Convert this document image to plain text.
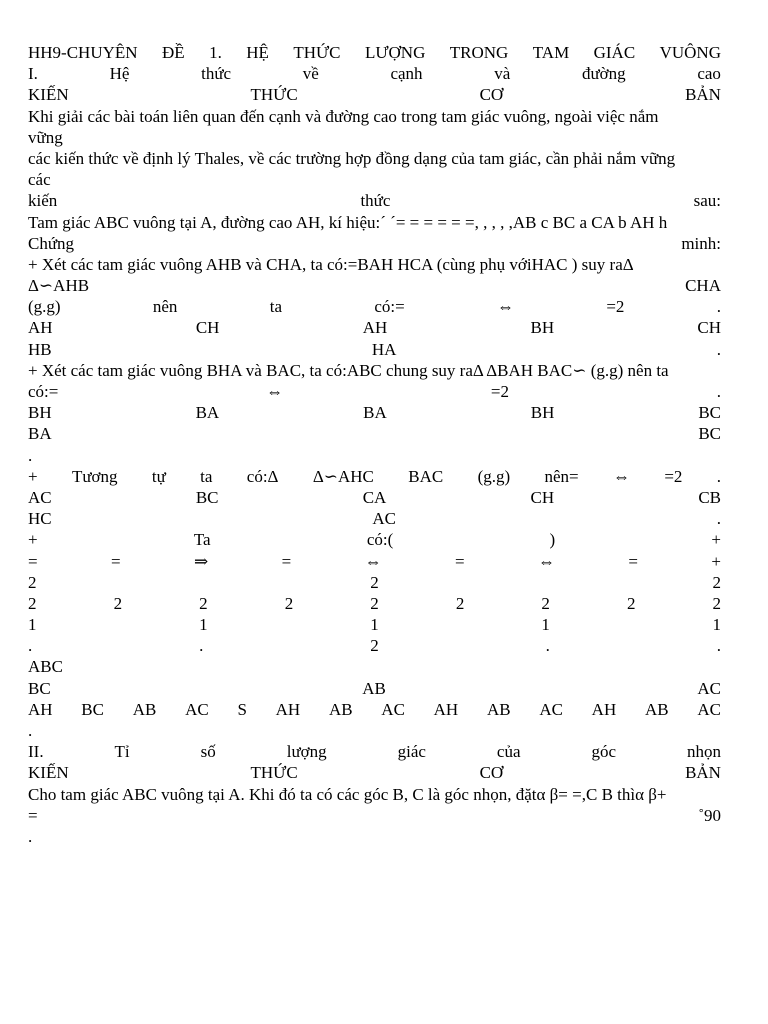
HH9-CHUYÊN ĐỀ 1. HỆ THỨC LƯỢNG TRONG TAM GIÁC VUÔNG
I.	Hệ	thức	về	cạnh	và	đường	cao
KIẾN	THỨC	CƠ	BẢN
Khi giải các bài toán liên quan đến cạnh và đường cao trong tam giác vuông, ngoài việc nắm
vững
các kiến thức về định lý Thales, về các trường hợp đồng dạng của tam giác, cần phải nắm vững
các
kiến	thức	sau:
Tam giác ABC vuông tại A, đường cao AH, kí hiệu:´ ´= = = = = =, , , , ,AB c BC a CA b AH h
Chứng	minh:
+ Xét các tam giác vuông AHB và CHA, ta có:=BAH HCA (cùng phụ vớiHAC ) suy raΔ
Δ∽AHB	CHA
(g.g)	nên	ta	có:=	⇔	=2	.
AH	CH	AH	BH	CH
HB	HA	.
+ Xét các tam giác vuông BHA và BAC, ta có:ABC chung suy raΔ ΔBAH BAC∽ (g.g) nên ta
có:=	⇔	=2	.
BH	BA	BA	BH	BC
BA	BC
.
+ Tương tự ta có:Δ Δ∽AHC BAC (g.g) nên= ⇔ =2 .
AC	BC	CA	CH	CB
HC	AC	.
+	Ta	có:(	)	+
=	=	⇒	=	⇔	=	⇔	=	+
2	2	2
2	2	2	2	2	2	2	2	2
1	1	1	1	1
.	.	2	.	.
ABC
BC	AB	AC
AH BC AB AC S AH AB AC AH AB AC AH AB AC
.
II.	Tỉ	số	lượng	giác	của	góc	nhọn
KIẾN	THỨC	CƠ	BẢN
Cho tam giác ABC vuông tại A. Khi đó ta có các góc B, C là góc nhọn, đặtα β= =,C B thìα β+
=	˚90
.
